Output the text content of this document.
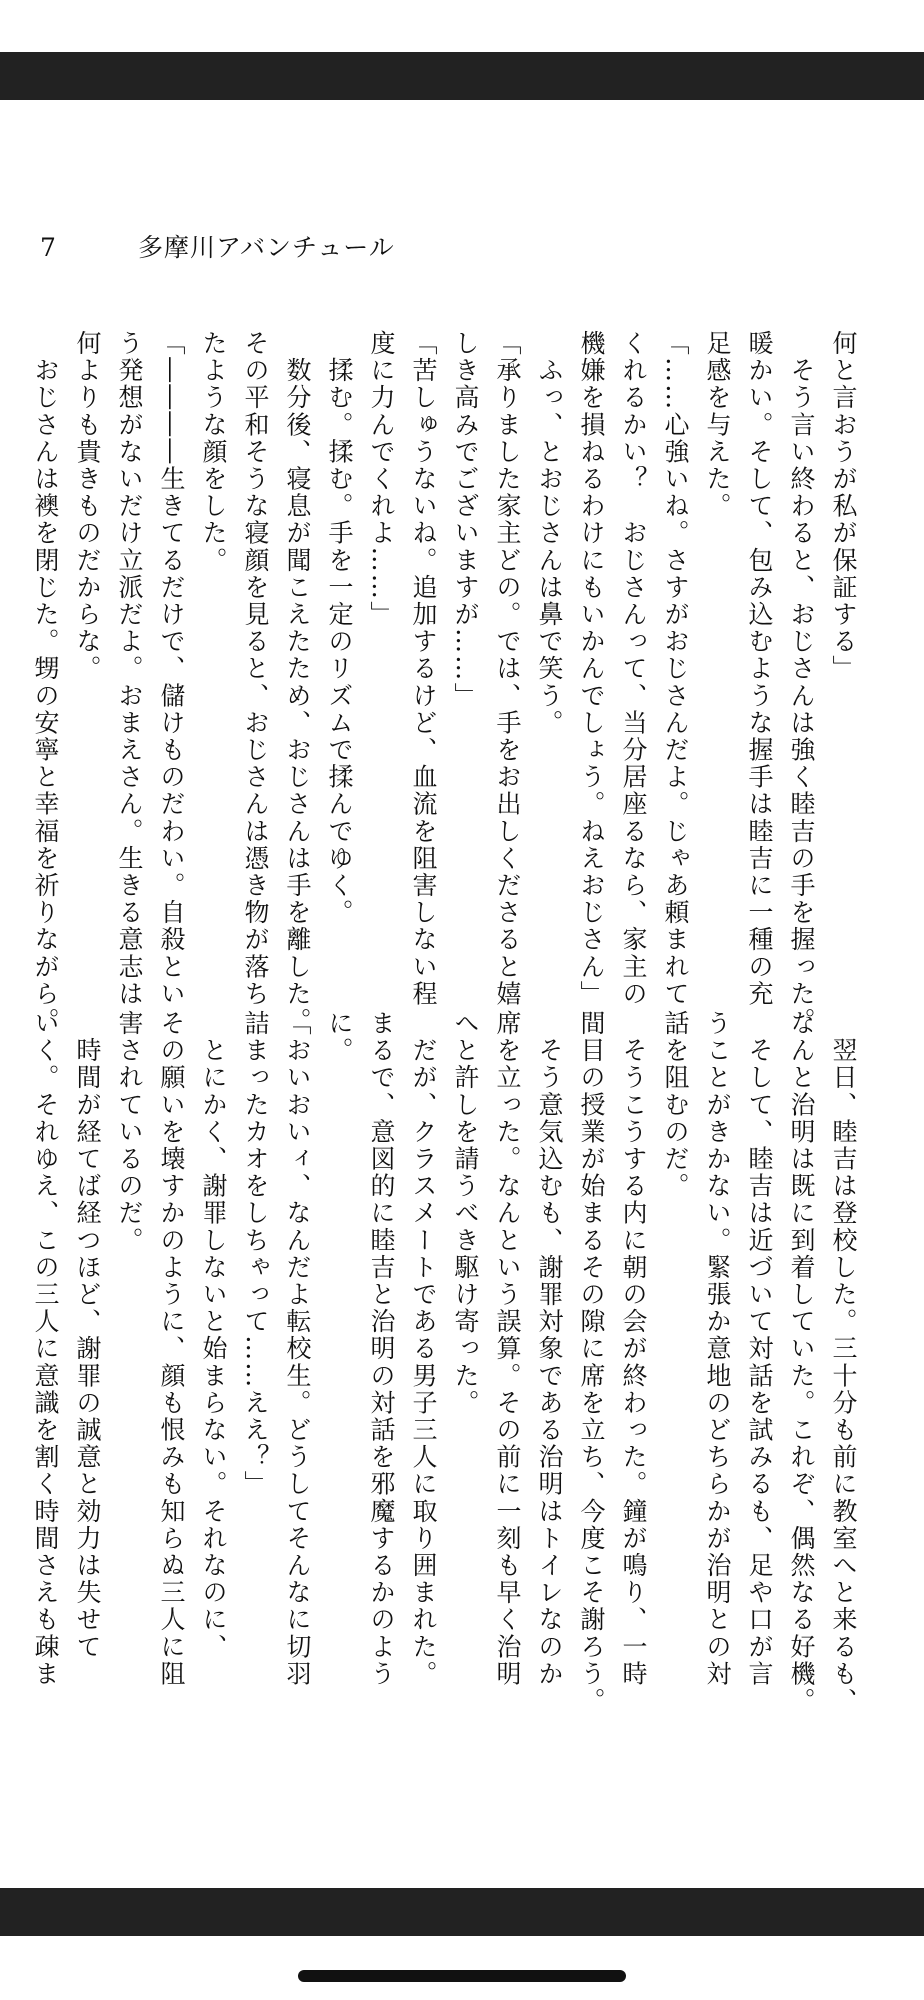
7	多摩川アバンチュール
何と言おうが私が保証する」
　そう言い終わると、おじさんは強く睦吉の手を握った。
暖かい。そして、包み込むような握手は睦吉に一種の充
足感を与えた。
「……心強いね。さすがおじさんだよ。じゃあ頼まれて
くれるかい？　おじさんって、当分居座るなら、家主の
機嫌を損ねるわけにもいかんでしょう。ねえおじさん」
　ふっ、とおじさんは鼻で笑う。
「承りました家主どの。では、手をお出しくださると嬉
しき高みでございますが……」
「苦しゅうないね。追加するけど、血流を阻害しない程
度に力んでくれよ……」
　揉む。揉む。手を一定のリズムで揉んでゆく。
　数分後、寝息が聞こえたため、おじさんは手を離した。
その平和そうな寝顔を見ると、おじさんは憑き物が落ち
たような顔をした。
「――――生きてるだけで、儲けものだわい。自殺とい
う発想がないだけ立派だよ。おまえさん。生きる意志は
何よりも貴きものだからな。
　おじさんは襖を閉じた。甥の安寧と幸福を祈りながら。
　翌日、睦吉は登校した。三十分も前に教室へと来るも、
なんと治明は既に到着していた。これぞ、偶然なる好機。
　そして、睦吉は近づいて対話を試みるも、足や口が言
うことがきかない。緊張か意地のどちらかが治明との対
話を阻むのだ。
　そうこうする内に朝の会が終わった。鐘が鳴り、一時
間目の授業が始まるその隙に席を立ち、今度こそ謝ろう。
　そう意気込むも、謝罪対象である治明はトイレなのか
席を立った。なんという誤算。その前に一刻も早く治明
へと許しを請うべき駆け寄った。
　だが、クラスメートである男子三人に取り囲まれた。
まるで、意図的に睦吉と治明の対話を邪魔するかのよう
に。
「おいおいィ、なんだよ転校生。どうしてそんなに切羽
詰まったカオをしちゃって……ええ？」
　とにかく、謝罪しないと始まらない。それなのに、
その願いを壊すかのように、顔も恨みも知らぬ三人に阻
害されているのだ。
　時間が経てば経つほど、謝罪の誠意と効力は失せて
いく。それゆえ、この三人に意識を割く時間さえも疎ま
